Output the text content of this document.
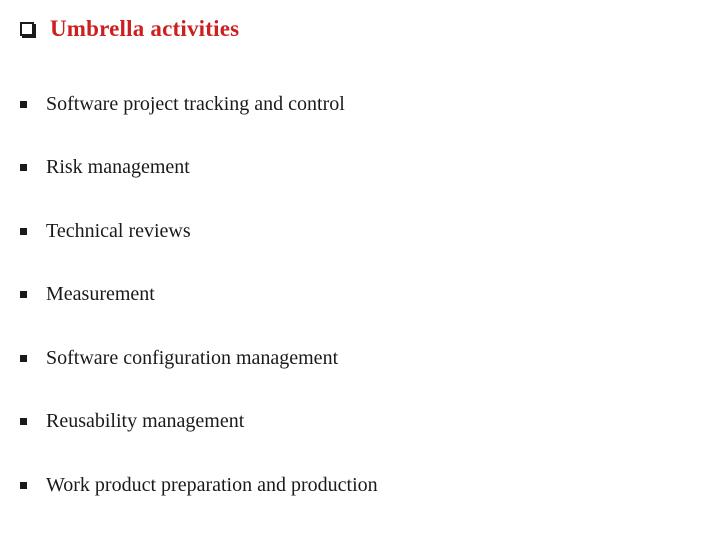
Umbrella activities
Software project tracking and control
Risk management
Technical reviews
Measurement
Software configuration management
Reusability management
Work product preparation and production
